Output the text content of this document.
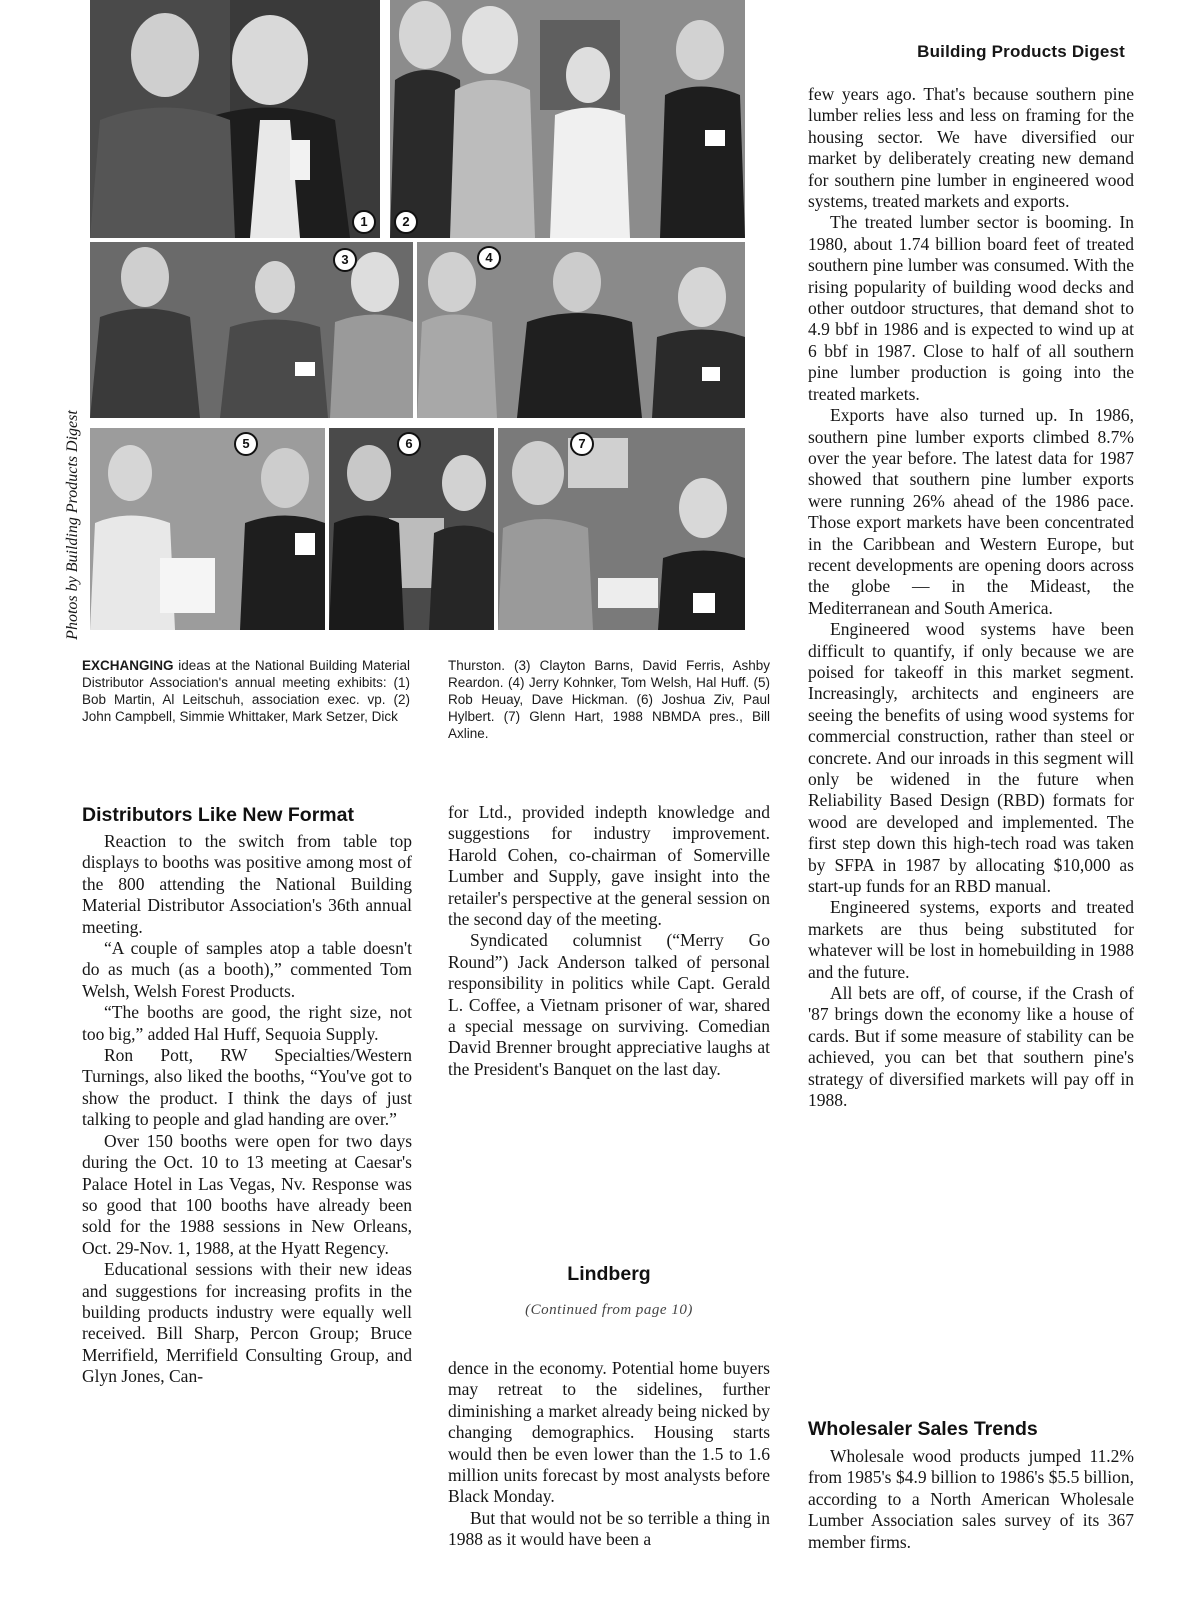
Building Products Digest
Photos by Building Products Digest
1	2
3	4
5	6	7
EXCHANGING ideas at the National Building Material Distributor Association's annual meeting exhibits: (1) Bob Martin, Al Leitschuh, association exec. vp. (2) John Campbell, Simmie Whittaker, Mark Setzer, Dick
Thurston. (3) Clayton Barns, David Ferris, Ashby Reardon. (4) Jerry Kohnker, Tom Welsh, Hal Huff. (5) Rob Heuay, Dave Hickman. (6) Joshua Ziv, Paul Hylbert. (7) Glenn Hart, 1988 NBMDA pres., Bill Axline.
Distributors Like New Format

Reaction to the switch from table top displays to booths was positive among most of the 800 attending the National Building Material Distributor Association's 36th annual meeting.

“A couple of samples atop a table doesn't do as much (as a booth),” commented Tom Welsh, Welsh Forest Products.

“The booths are good, the right size, not too big,” added Hal Huff, Sequoia Supply.

Ron Pott, RW Specialties/Western Turnings, also liked the booths, “You've got to show the product. I think the days of just talking to people and glad handing are over.”

Over 150 booths were open for two days during the Oct. 10 to 13 meeting at Caesar's Palace Hotel in Las Vegas, Nv. Response was so good that 100 booths have already been sold for the 1988 sessions in New Orleans, Oct. 29-Nov. 1, 1988, at the Hyatt Regency.

Educational sessions with their new ideas and suggestions for increasing profits in the building products industry were equally well received. Bill Sharp, Percon Group; Bruce Merrifield, Merrifield Consulting Group, and Glyn Jones, Can-

for Ltd., provided indepth knowledge and suggestions for industry improvement. Harold Cohen, co-chairman of Somerville Lumber and Supply, gave insight into the retailer's perspective at the general session on the second day of the meeting.

Syndicated columnist (“Merry Go Round”) Jack Anderson talked of personal responsibility in politics while Capt. Gerald L. Coffee, a Vietnam prisoner of war, shared a special message on surviving. Comedian David Brenner brought appreciative laughs at the President's Banquet on the last day.

Lindberg
(Continued from page 10)

dence in the economy. Potential home buyers may retreat to the sidelines, further diminishing a market already being nicked by changing demographics. Housing starts would then be even lower than the 1.5 to 1.6 million units forecast by most analysts before Black Monday.

But that would not be so terrible a thing in 1988 as it would have been a

few years ago. That's because southern pine lumber relies less and less on framing for the housing sector. We have diversified our market by deliberately creating new demand for southern pine lumber in engineered wood systems, treated markets and exports.

The treated lumber sector is booming. In 1980, about 1.74 billion board feet of treated southern pine lumber was consumed. With the rising popularity of building wood decks and other outdoor structures, that demand shot to 4.9 bbf in 1986 and is expected to wind up at 6 bbf in 1987. Close to half of all southern pine lumber production is going into the treated markets.

Exports have also turned up. In 1986, southern pine lumber exports climbed 8.7% over the year before. The latest data for 1987 showed that southern pine lumber exports were running 26% ahead of the 1986 pace. Those export markets have been concentrated in the Caribbean and Western Europe, but recent developments are opening doors across the globe — in the Mideast, the Mediterranean and South America.

Engineered wood systems have been difficult to quantify, if only because we are poised for takeoff in this market segment. Increasingly, architects and engineers are seeing the benefits of using wood systems for commercial construction, rather than steel or concrete. And our inroads in this segment will only be widened in the future when Reliability Based Design (RBD) formats for wood are developed and implemented. The first step down this high-tech road was taken by SFPA in 1987 by allocating $10,000 as start-up funds for an RBD manual.

Engineered systems, exports and treated markets are thus being substituted for whatever will be lost in homebuilding in 1988 and the future.

All bets are off, of course, if the Crash of '87 brings down the economy like a house of cards. But if some measure of stability can be achieved, you can bet that southern pine's strategy of diversified markets will pay off in 1988.

Wholesaler Sales Trends

Wholesale wood products jumped 11.2% from 1985's $4.9 billion to 1986's $5.5 billion, according to a North American Wholesale Lumber Association sales survey of its 367 member firms.
